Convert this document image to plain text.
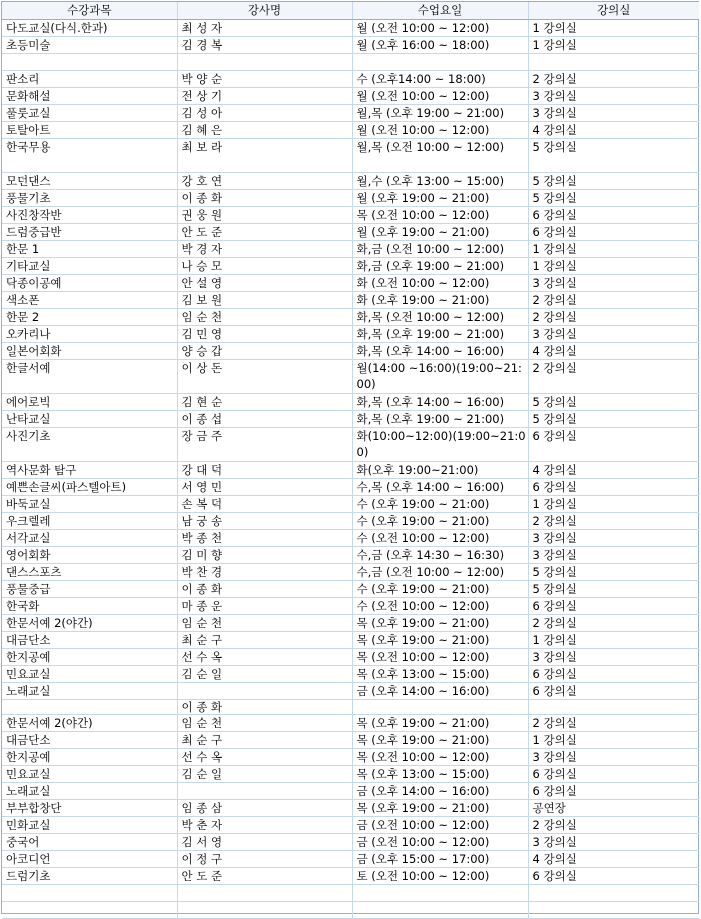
수강과목	강사명	수업요일	강의실
다도교실(다식.한과)	최 성 자	월 (오전 10:00 ~ 12:00)	1 강의실
초등미술	김 경 복	월 (오후 16:00 ~ 18:00)	1 강의실

판소리	박 양 순	수 (오후14:00 ~ 18:00)	2 강의실
문화해설	전 상 기	월 (오전 10:00 ~ 12:00)	3 강의실
풀룻교실	김 성 아	월,목 (오후 19:00 ~ 21:00)	3 강의실
토탈아트	김 혜 은	월 (오전 10:00 ~ 12:00)	4 강의실
한국무용	최 보 라	월,목 (오전 10:00 ~ 12:00)	5 강의실
모던댄스	강 호 연	월,수 (오후 13:00 ~ 15:00)	5 강의실
풍물기초	이 종 화	월 (오후 19:00 ~ 21:00)	5 강의실
사진창작반	권 웅 원	목 (오전 10:00 ~ 12:00)	6 강의실
드럼중급반	안 도 준	월 (오후 19:00 ~ 21:00)	6 강의실
한문 1	박 경 자	화,금 (오전 10:00 ~ 12:00)	1 강의실
기타교실	나 승 모	화,금 (오후 19:00 ~ 21:00)	1 강의실
닥종이공예	안 설 영	화 (오전 10:00 ~ 12:00)	3 강의실
색소폰	김 보 원	화 (오후 19:00 ~ 21:00)	2 강의실
한문 2	임 순 천	화,목 (오전 10:00 ~ 12:00)	2 강의실
오카리나	김 민 영	화,목 (오후 19:00 ~ 21:00)	3 강의실
일본어회화	양 승 갑	화,목 (오후 14:00 ~ 16:00)	4 강의실
한글서예	이 상 돈	월(14:00 ~16:00)(19:00~21:00)	2 강의실
에어로빅	김 현 순	화,목 (오후 14:00 ~ 16:00)	5 강의실
난타교실	이 종 섭	화,목 (오후 19:00 ~ 21:00)	5 강의실
사진기초	장 금 주	화(10:00~12:00)(19:00~21:00)	6 강의실
역사문화 탐구	강 대 덕	화(오후 19:00~21:00)	4 강의실
예쁜손글씨(파스텔아트)	서 영 민	수,목 (오후 14:00 ~ 16:00)	6 강의실
바둑교실	손 복 덕	수 (오후 19:00 ~ 21:00)	1 강의실
우크렐레	남 궁 송	수 (오후 19:00 ~ 21:00)	2 강의실
서각교실	박 종 천	수 (오전 10:00 ~ 12:00)	3 강의실
영어회화	김 미 향	수,금 (오후 14:30 ~ 16:30)	3 강의실
댄스스포츠	박 찬 경	수,금 (오전 10:00 ~ 12:00)	5 강의실
풍물중급	이 종 화	수 (오후 19:00 ~ 21:00)	5 강의실
한국화	마 종 운	수 (오전 10:00 ~ 12:00)	6 강의실
한문서예 2(야간)	임 순 천	목 (오후 19:00 ~ 21:00)	2 강의실
대금단소	최 순 구	목 (오후 19:00 ~ 21:00)	1 강의실
한지공예	선 수 옥	목 (오전 10:00 ~ 12:00)	3 강의실
민요교실	김 순 일	목 (오후 13:00 ~ 15:00)	6 강의실
노래교실		금 (오후 14:00 ~ 16:00)	6 강의실
	이 종 화		
한문서예 2(야간)	임 순 천	목 (오후 19:00 ~ 21:00)	2 강의실
대금단소	최 순 구	목 (오후 19:00 ~ 21:00)	1 강의실
한지공예	선 수 옥	목 (오전 10:00 ~ 12:00)	3 강의실
민요교실	김 순 일	목 (오후 13:00 ~ 15:00)	6 강의실
노래교실		금 (오후 14:00 ~ 16:00)	6 강의실
부부합창단	임 종 삼	목 (오후 19:00 ~ 21:00)	공연장
민화교실	박 춘 자	금 (오전 10:00 ~ 12:00)	2 강의실
중국어	김 서 영	금 (오전 10:00 ~ 12:00)	3 강의실
아코디언	이 정 구	금 (오후 15:00 ~ 17:00)	4 강의실
드럼기초	안 도 준	토 (오전 10:00 ~ 12:00)	6 강의실
